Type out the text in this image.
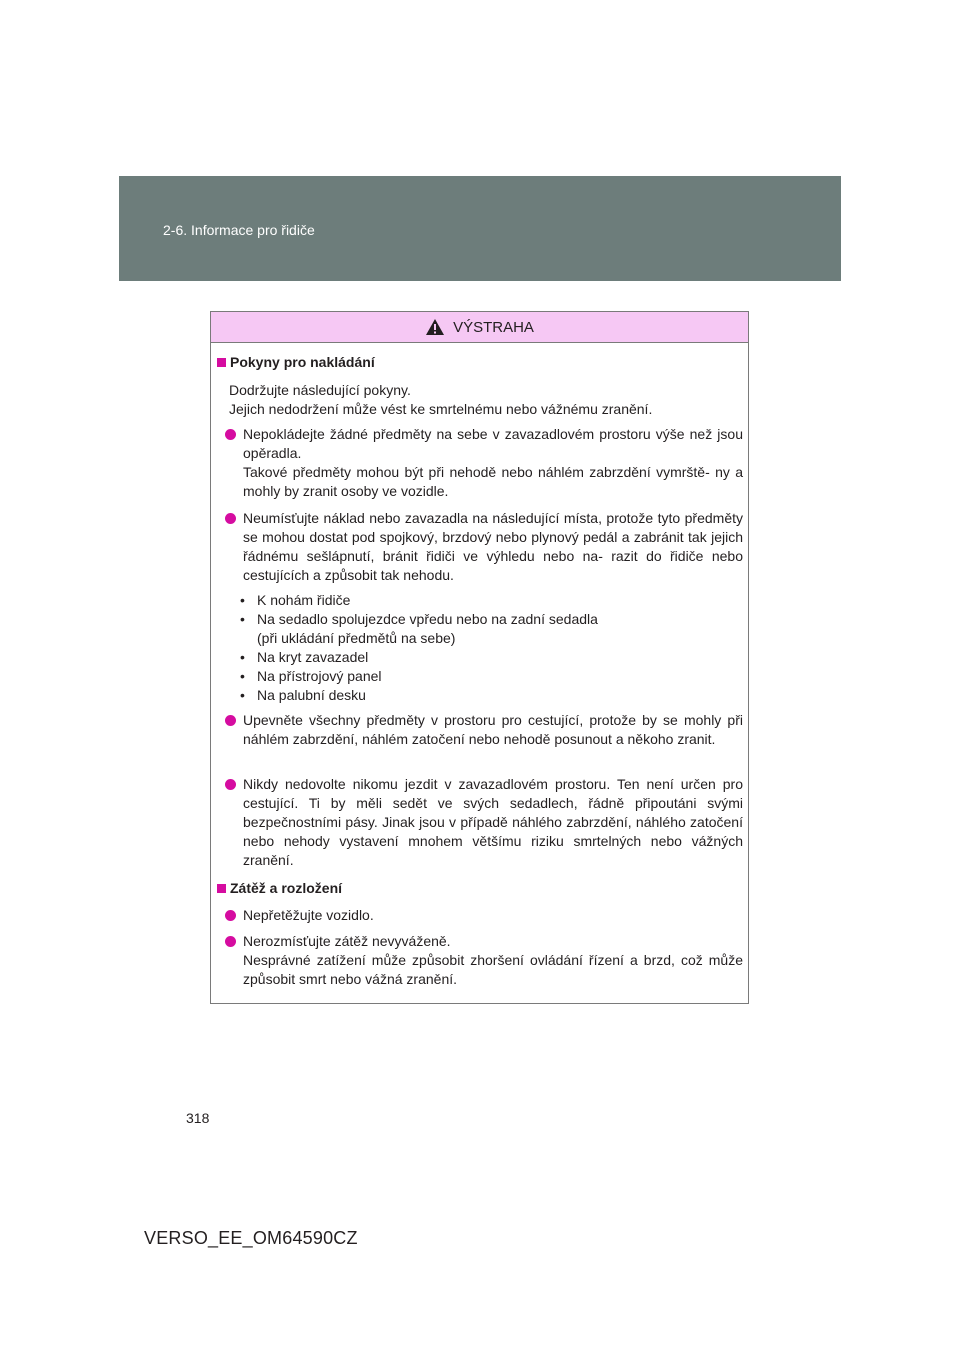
2-6. Informace pro řidiče
VÝSTRAHA
Pokyny pro nakládání
Dodržujte následující pokyny.
Jejich nedodržení může vést ke smrtelnému nebo vážnému zranění.
Nepokládejte žádné předměty na sebe v zavazadlovém prostoru výše než jsou opěradla.
Takové předměty mohou být při nehodě nebo náhlém zabrzdění vymrště- ny a mohly by zranit osoby ve vozidle.
Neumísťujte náklad nebo zavazadla na následující místa, protože tyto předměty se mohou dostat pod spojkový, brzdový nebo plynový pedál a zabránit tak jejich řádnému sešlápnutí, bránit řidiči ve výhledu nebo na- razit do řidiče nebo cestujících a způsobit tak nehodu.
• K nohám řidiče
• Na sedadlo spolujezdce vpředu nebo na zadní sedadla
(při ukládání předmětů na sebe)
• Na kryt zavazadel
• Na přístrojový panel
• Na palubní desku
Upevněte všechny předměty v prostoru pro cestující, protože by se mohly při náhlém zabrzdění, náhlém zatočení nebo nehodě posunout a někoho zranit.
Nikdy nedovolte nikomu jezdit v zavazadlovém prostoru. Ten není určen pro cestující. Ti by měli sedět ve svých sedadlech, řádně připoutáni svými bezpečnostními pásy. Jinak jsou v případě náhlého zabrzdění, náhlého zatočení nebo nehody vystavení mnohem většímu riziku smrtelných nebo vážných zranění.
Zátěž a rozložení
Nepřetěžujte vozidlo.
Nerozmísťujte zátěž nevyváženě.
Nesprávné zatížení může způsobit zhoršení ovládání řízení a brzd, což může způsobit smrt nebo vážná zranění.
318
VERSO_EE_OM64590CZ
